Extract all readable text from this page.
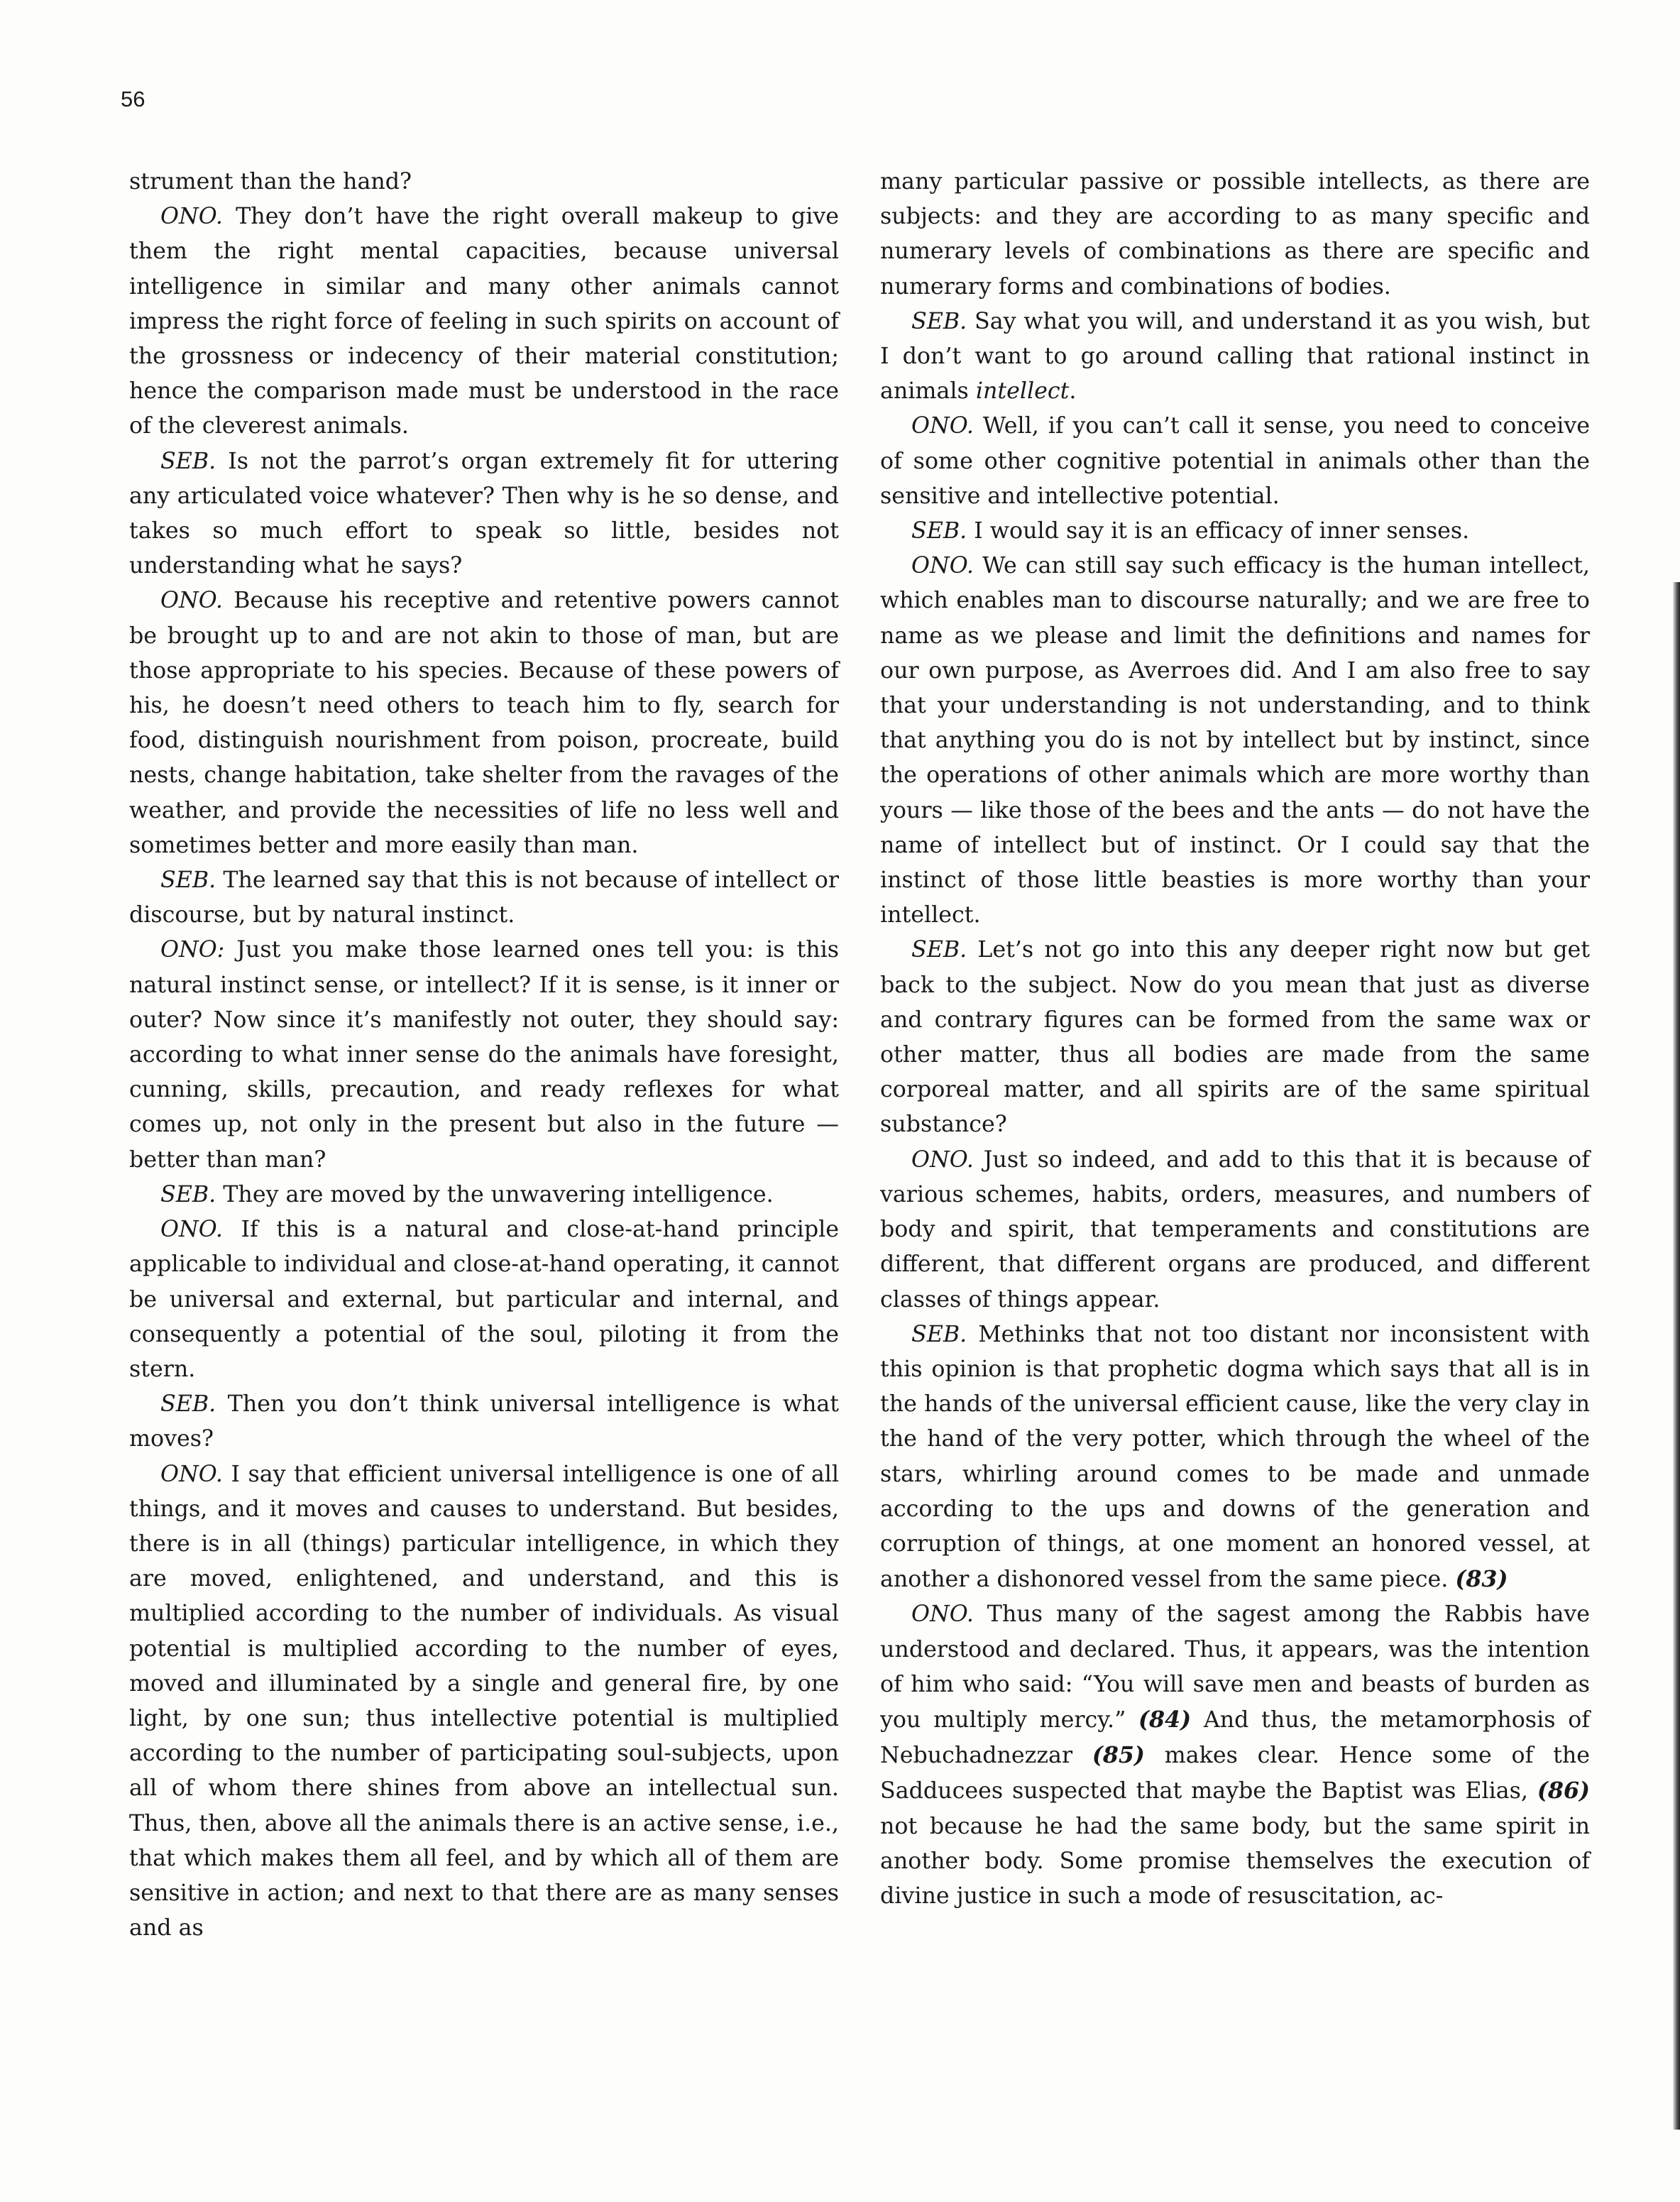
56

strument than the hand?

ONO. They don’t have the right overall makeup to give them the right mental capacities, because universal intelligence in similar and many other animals cannot impress the right force of feeling in such spirits on account of the grossness or indecency of their material constitution; hence the comparison made must be understood in the race of the cleverest animals.

SEB. Is not the parrot’s organ extremely fit for uttering any articulated voice whatever? Then why is he so dense, and takes so much effort to speak so little, besides not understanding what he says?

ONO. Because his receptive and retentive powers cannot be brought up to and are not akin to those of man, but are those appropriate to his species. Because of these powers of his, he doesn’t need others to teach him to fly, search for food, distinguish nourishment from poison, procreate, build nests, change habitation, take shelter from the ravages of the weather, and provide the necessities of life no less well and sometimes better and more easily than man.

SEB. The learned say that this is not because of intellect or discourse, but by natural instinct.

ONO: Just you make those learned ones tell you: is this natural instinct sense, or intellect? If it is sense, is it inner or outer? Now since it’s manifestly not outer, they should say: according to what inner sense do the animals have foresight, cunning, skills, precaution, and ready reflexes for what comes up, not only in the present but also in the future — better than man?

SEB. They are moved by the unwavering intelligence.

ONO. If this is a natural and close-at-hand principle applicable to individual and close-at-hand operating, it cannot be universal and external, but particular and internal, and consequently a potential of the soul, piloting it from the stern.

SEB. Then you don’t think universal intelligence is what moves?

ONO. I say that efficient universal intelligence is one of all things, and it moves and causes to understand. But besides, there is in all (things) particular intelligence, in which they are moved, enlightened, and understand, and this is multiplied according to the number of individuals. As visual potential is multiplied according to the number of eyes, moved and illuminated by a single and general fire, by one light, by one sun; thus intellective potential is multiplied according to the number of participating soul-subjects, upon all of whom there shines from above an intellectual sun. Thus, then, above all the animals there is an active sense, i.e., that which makes them all feel, and by which all of them are sensitive in action; and next to that there are as many senses and as

many particular passive or possible intellects, as there are subjects: and they are according to as many specific and numerary levels of combinations as there are specific and numerary forms and combinations of bodies.

SEB. Say what you will, and understand it as you wish, but I don’t want to go around calling that rational instinct in animals intellect.

ONO. Well, if you can’t call it sense, you need to conceive of some other cognitive potential in animals other than the sensitive and intellective potential.

SEB. I would say it is an efficacy of inner senses.

ONO. We can still say such efficacy is the human intellect, which enables man to discourse naturally; and we are free to name as we please and limit the definitions and names for our own purpose, as Averroes did. And I am also free to say that your understanding is not understanding, and to think that anything you do is not by intellect but by instinct, since the operations of other animals which are more worthy than yours — like those of the bees and the ants — do not have the name of intellect but of instinct. Or I could say that the instinct of those little beasties is more worthy than your intellect.

SEB. Let’s not go into this any deeper right now but get back to the subject. Now do you mean that just as diverse and contrary figures can be formed from the same wax or other matter, thus all bodies are made from the same corporeal matter, and all spirits are of the same spiritual substance?

ONO. Just so indeed, and add to this that it is because of various schemes, habits, orders, measures, and numbers of body and spirit, that temperaments and constitutions are different, that different organs are produced, and different classes of things appear.

SEB. Methinks that not too distant nor inconsistent with this opinion is that prophetic dogma which says that all is in the hands of the universal efficient cause, like the very clay in the hand of the very potter, which through the wheel of the stars, whirling around comes to be made and unmade according to the ups and downs of the generation and corruption of things, at one moment an honored vessel, at another a dishonored vessel from the same piece. (83)

ONO. Thus many of the sagest among the Rabbis have understood and declared. Thus, it appears, was the intention of him who said: “You will save men and beasts of burden as you multiply mercy.” (84) And thus, the metamorphosis of Nebuchadnezzar (85) makes clear. Hence some of the Sadducees suspected that maybe the Baptist was Elias, (86) not because he had the same body, but the same spirit in another body. Some promise themselves the execution of divine justice in such a mode of resuscitation, ac-
